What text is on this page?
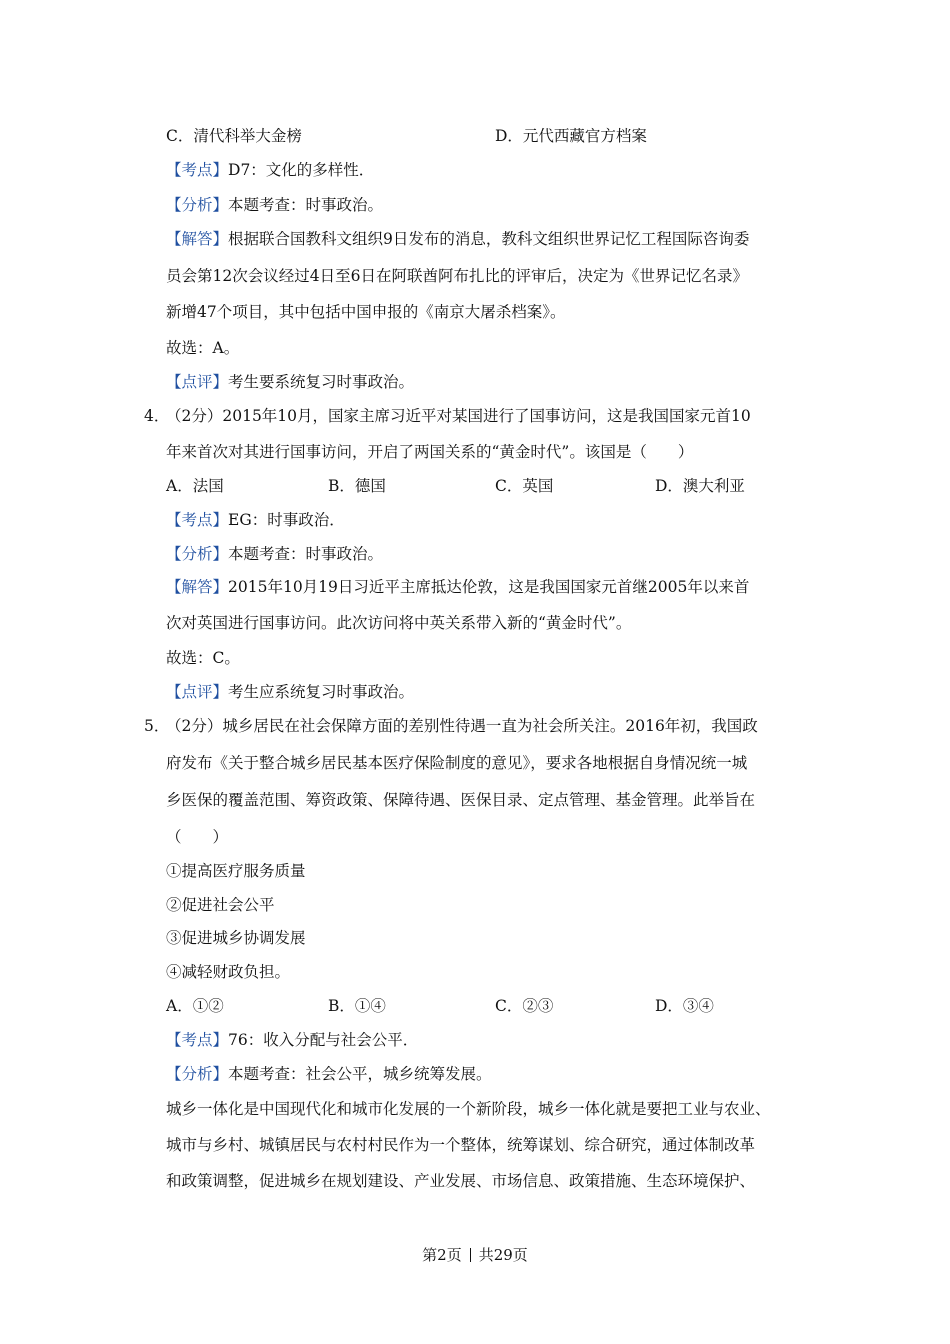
C．清代科举大金榜	D．元代西藏官方档案
【考点】D7：文化的多样性．
【分析】本题考查：时事政治。
【解答】根据联合国教科文组织9日发布的消息，教科文组织世界记忆工程国际咨询委
员会第12次会议经过4日至6日在阿联酋阿布扎比的评审后，决定为《世界记忆名录》
新增47个项目，其中包括中国申报的《南京大屠杀档案》。
故选：A。
【点评】考生要系统复习时事政治。
4．
（2分）2015年10月，国家主席习近平对某国进行了国事访问，这是我国国家元首10
年来首次对其进行国事访问，开启了两国关系的“黄金时代”。该国是（　　）
A．法国	B．德国	C．英国	D．澳大利亚
【考点】EG：时事政治．
【分析】本题考查：时事政治。
【解答】2015年10月19日习近平主席抵达伦敦，这是我国国家元首继2005年以来首
次对英国进行国事访问。此次访问将中英关系带入新的“黄金时代”。
故选：C。
【点评】考生应系统复习时事政治。
5．
（2分）城乡居民在社会保障方面的差别性待遇一直为社会所关注。2016年初，我国政
府发布《关于整合城乡居民基本医疗保险制度的意见》，要求各地根据自身情况统一城
乡医保的覆盖范围、筹资政策、保障待遇、医保目录、定点管理、基金管理。此举旨在
（　　）
①提高医疗服务质量
②促进社会公平
③促进城乡协调发展
④减轻财政负担。
A．①②	B．①④	C．②③	D．③④
【考点】76：收入分配与社会公平．
【分析】本题考查：社会公平，城乡统筹发展。
城乡一体化是中国现代化和城市化发展的一个新阶段，城乡一体化就是要把工业与农业、
城市与乡村、城镇居民与农村村民作为一个整体，统筹谋划、综合研究，通过体制改革
和政策调整，促进城乡在规划建设、产业发展、市场信息、政策措施、生态环境保护、
第2页 共29页
